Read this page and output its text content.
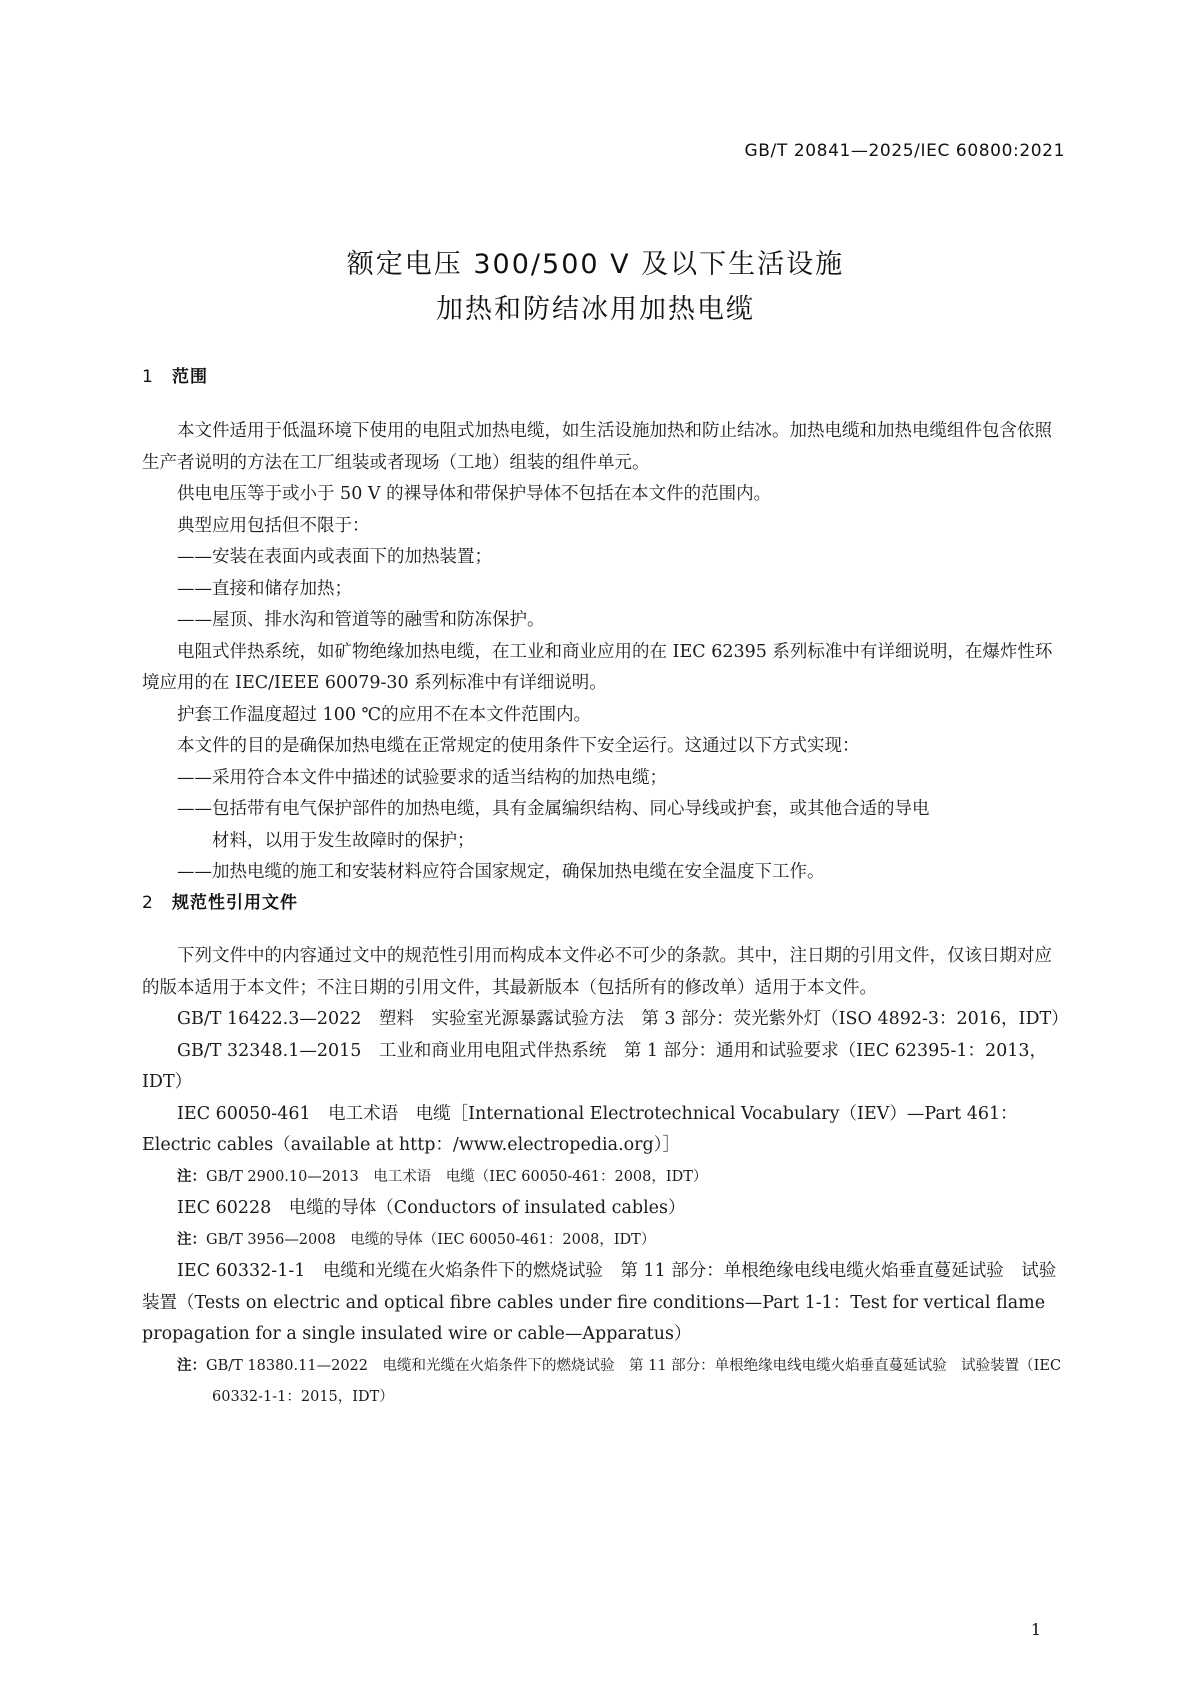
GB/T 20841—2025/IEC 60800:2021
额定电压 300/500 V 及以下生活设施
加热和防结冰用加热电缆
1 范围

本文件适用于低温环境下使用的电阻式加热电缆，如生活设施加热和防止结冰。加热电缆和加热电缆组件包含依照生产者说明的方法在工厂组装或者现场（工地）组装的组件单元。

供电电压等于或小于 50 V 的裸导体和带保护导体不包括在本文件的范围内。

典型应用包括但不限于：

——安装在表面内或表面下的加热装置；

——直接和储存加热；

——屋顶、排水沟和管道等的融雪和防冻保护。

电阻式伴热系统，如矿物绝缘加热电缆，在工业和商业应用的在 IEC 62395 系列标准中有详细说明，在爆炸性环境应用的在 IEC/IEEE 60079-30 系列标准中有详细说明。

护套工作温度超过 100 ℃的应用不在本文件范围内。

本文件的目的是确保加热电缆在正常规定的使用条件下安全运行。这通过以下方式实现：

——采用符合本文件中描述的试验要求的适当结构的加热电缆；

——包括带有电气保护部件的加热电缆，具有金属编织结构、同心导线或护套，或其他合适的导电

材料，以用于发生故障时的保护；

——加热电缆的施工和安装材料应符合国家规定，确保加热电缆在安全温度下工作。

2 规范性引用文件

下列文件中的内容通过文中的规范性引用而构成本文件必不可少的条款。其中，注日期的引用文件，仅该日期对应的版本适用于本文件；不注日期的引用文件，其最新版本（包括所有的修改单）适用于本文件。

GB/T 16422.3—2022　塑料　实验室光源暴露试验方法　第 3 部分：荧光紫外灯（ISO 4892-3：2016，IDT）

GB/T 32348.1—2015　工业和商业用电阻式伴热系统　第 1 部分：通用和试验要求（IEC 62395-1：2013，IDT）

IEC 60050-461　电工术语　电缆［International Electrotechnical Vocabulary（IEV）—Part 461：Electric cables（available at http：/www.electropedia.org）］

注：GB/T 2900.10—2013　电工术语　电缆（IEC 60050-461：2008，IDT）

IEC 60228　电缆的导体（Conductors of insulated cables）

注：GB/T 3956—2008　电缆的导体（IEC 60050-461：2008，IDT）

IEC 60332-1-1　电缆和光缆在火焰条件下的燃烧试验　第 11 部分：单根绝缘电线电缆火焰垂直蔓延试验　试验装置（Tests on electric and optical fibre cables under fire conditions—Part 1-1：Test for vertical flame propagation for a single insulated wire or cable—Apparatus）

注：GB/T 18380.11—2022　电缆和光缆在火焰条件下的燃烧试验　第 11 部分：单根绝缘电线电缆火焰垂直蔓延试验　试验装置（IEC 60332-1-1：2015，IDT）

1
